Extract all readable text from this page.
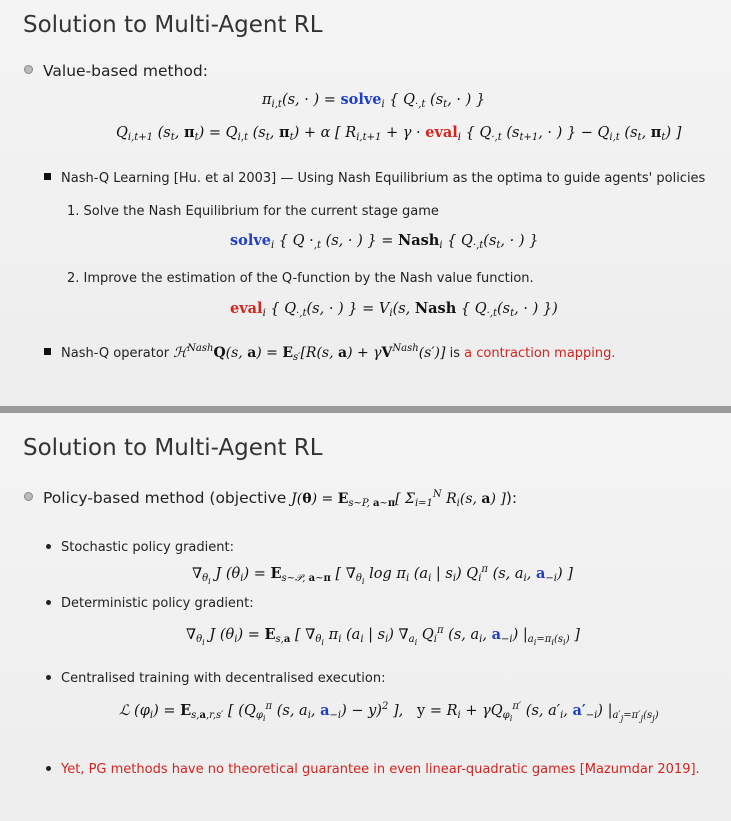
Solution to Multi-Agent RL
Value-based method:
$\pi_{i,t}(s$, · ) = solve$_i$ { $Q_{\cdot,t}$ ($s_t$, · ) }
$Q_{i,t+1}$ ($s_t$, $\pi_t) = Q_{i,t}$ ($s_t$, $\pi_t) + \alpha$ [ $R_{i,t+1} + \gamma$ · eval$_i$ { $Q_{\cdot,t}$ ($s_{t+1}$, · ) } − $Q_{i,t}$ ($s_t$, $\pi_t$) ]
Nash-Q Learning [Hu. et al 2003] — Using Nash Equilibrium as the optima to guide agents' policies
1. Solve the Nash Equilibrium for the current stage game
solve$_i$ { $Q \cdot_{,t}$ (s, · ) } = Nash$_i$ { $Q_{\cdot,t}(s_t$, · ) }
2. Improve the estimation of the Q-function by the Nash value function.
eval$_i$ { $Q_{\cdot,t}(s$, · ) } = $V_i(s$, Nash { $Q_{\cdot,t}(s_t$, · ) })
Nash-Q operator ℋ$^{Nash}$Q(s, $a) = E_{s'}[R(s$, $a) + \gamma V^{Nash}(s')$] is a contraction mapping.
Solution to Multi-Agent RL
Policy-based method (objective $J(\theta) = E_{s\sim P, a\sim\pi}$[ $\Sigma_{i=1}^N$ $R_i(s$, a) ]):
Stochastic policy gradient:
$\nabla_{\theta_i}$ J $(\theta_i) = E_{s\sim 𝒫, a\sim\pi}$ [ $\nabla_{\theta_i}$ $\log \pi_i$ ($a_i$ | $s_i$) $Q_i^\pi$ (s, $a_i$, $a_{-i}$) ]
Deterministic policy gradient:
$\nabla_{\theta_i}$ J $(\theta_i) = E_{s,a}$ [ $\nabla_{\theta_i}$ $\pi_i$ ($a_i$ | $s_i$) $\nabla_{a_i}$ $Q_i^\pi$ (s, $a_i$, $a_{-i}$) $|_{a_i=\pi_i(s_i)}$ ]
Centralised training with decentralised execution:
ℒ $(\varphi_i) = E_{s,a,r,s'}$ [ ($Q_{\varphi_i}^\pi$ (s, $a_i$, $a_{-i}) - y)^2$ ],   $y = R_i + \gamma Q_{\varphi_i}^{\pi'}$ (s, $a'_i$, $a'_{-i}$) $|_{a'_j=\pi'_j(s_j)}$
Yet, PG methods have no theoretical guarantee in even linear-quadratic games [Mazumdar 2019].
